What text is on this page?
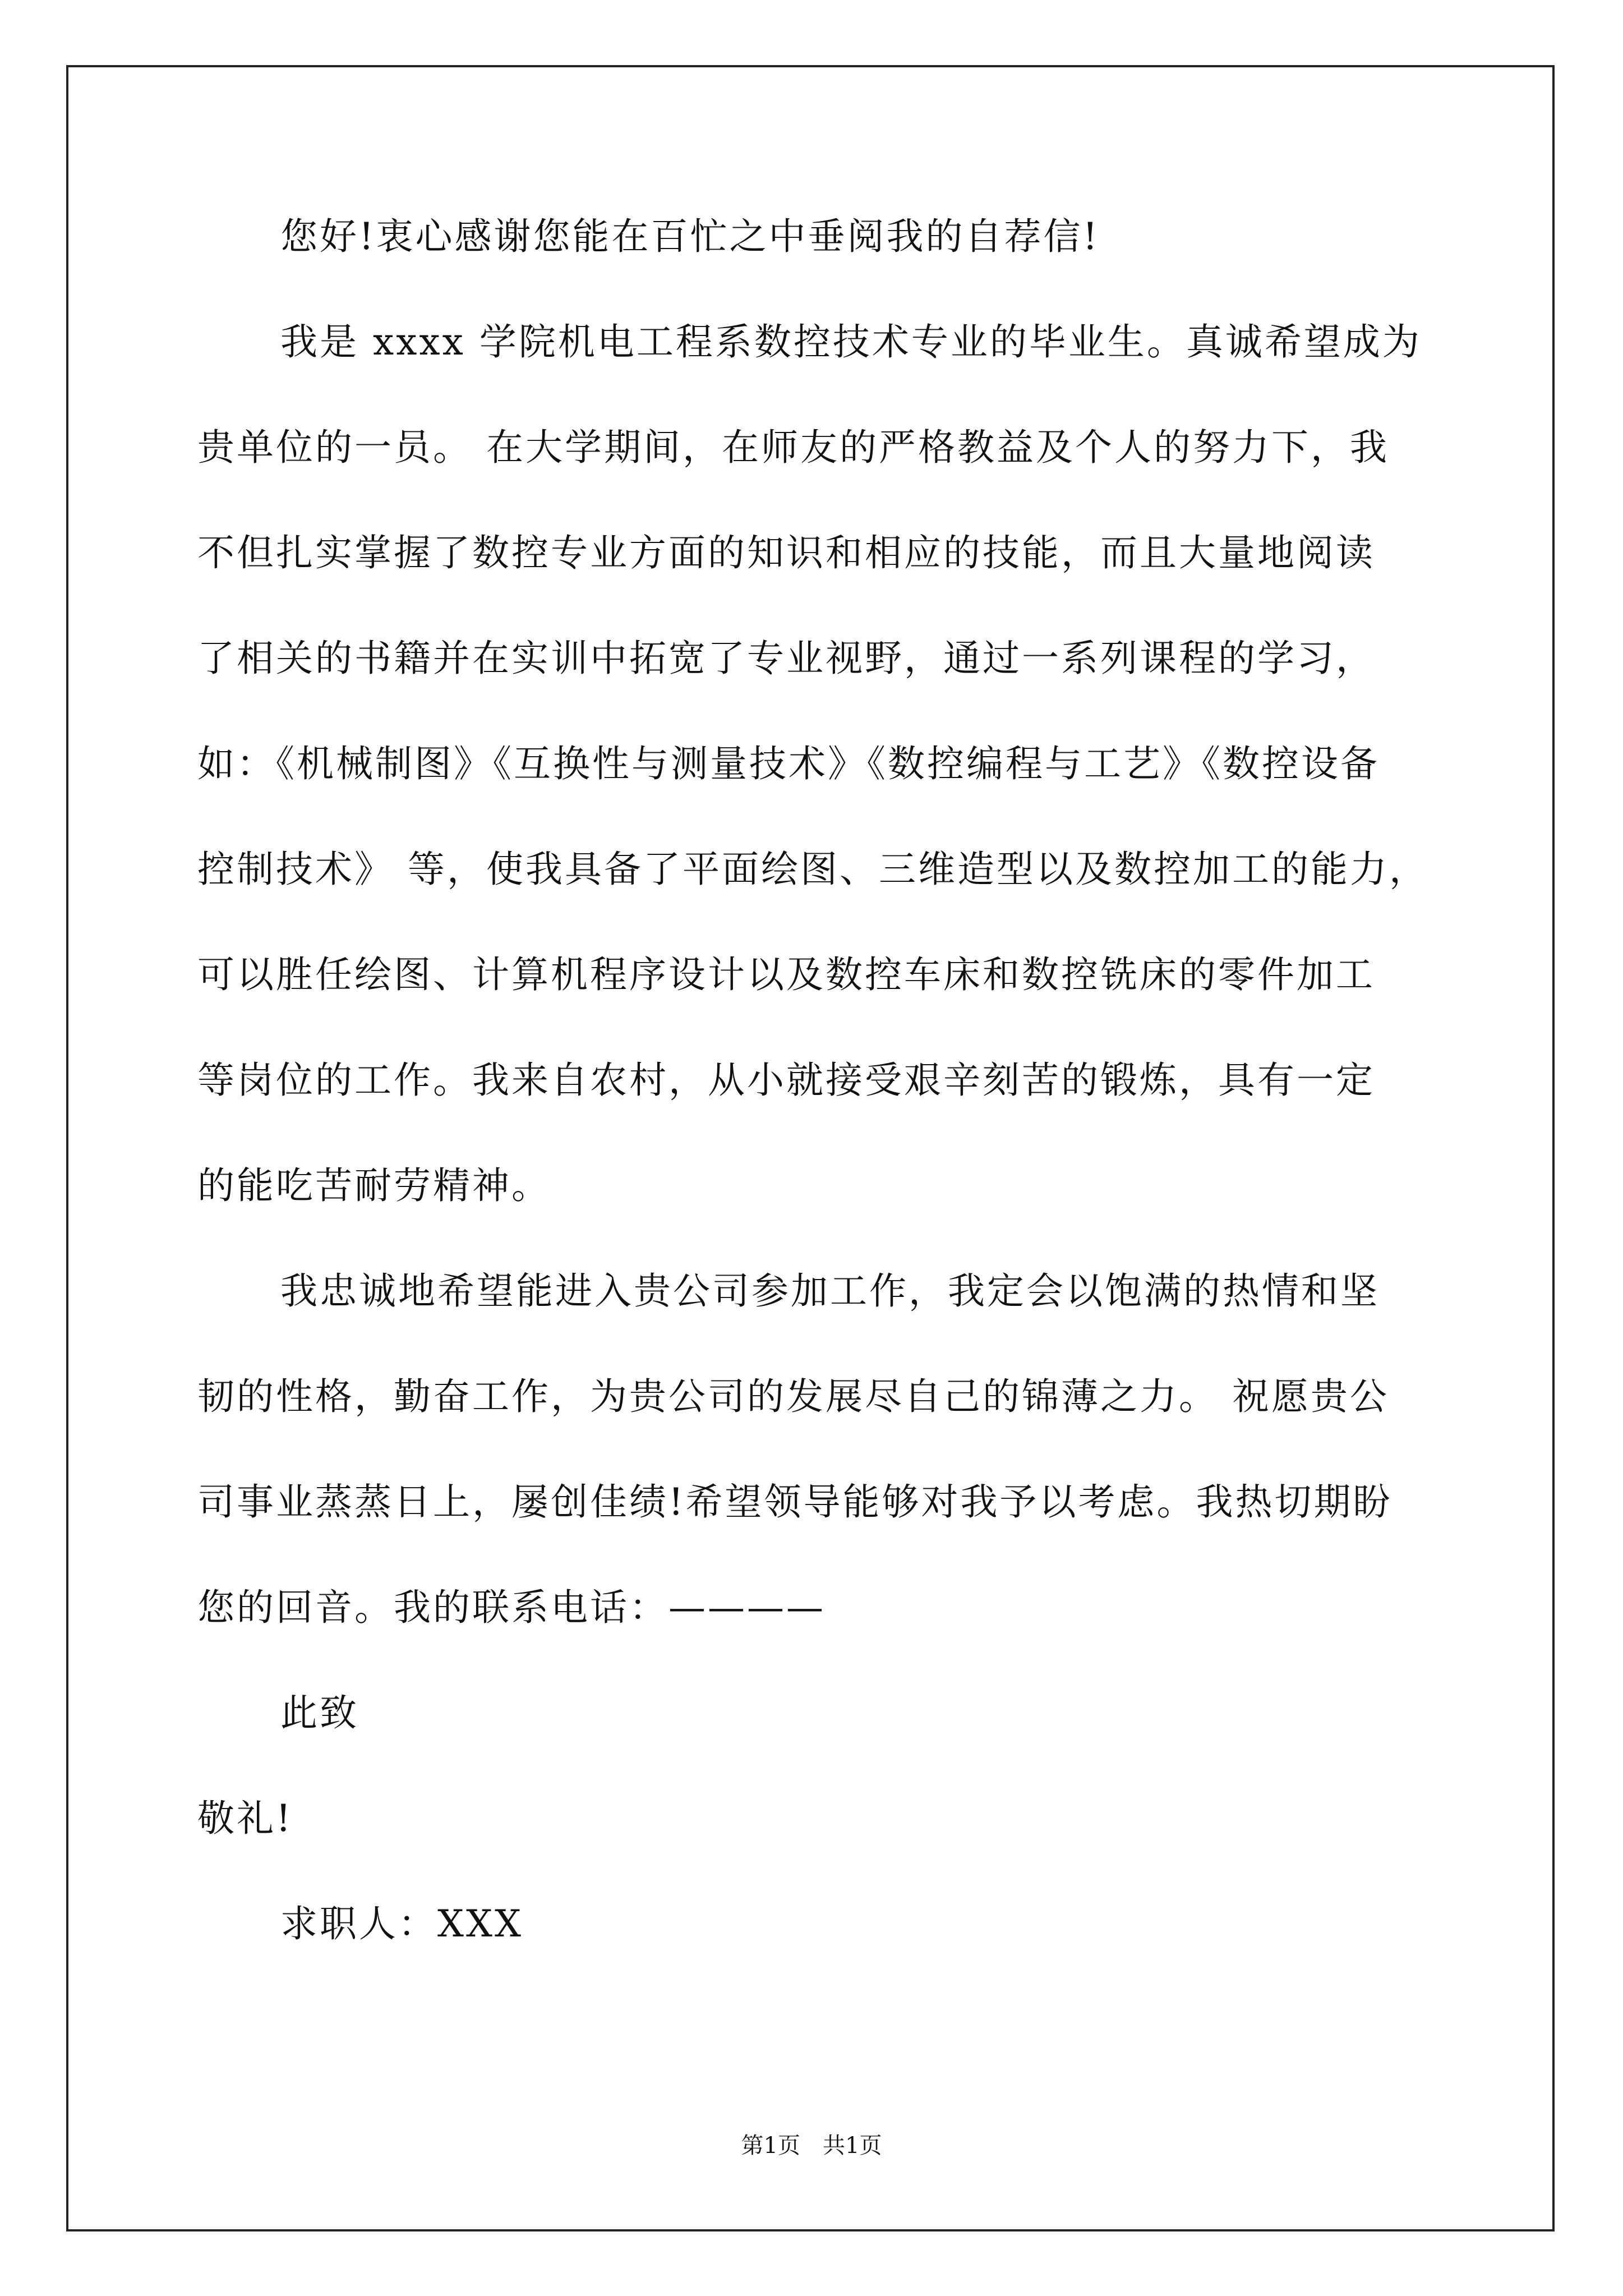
您好!衷心感谢您能在百忙之中垂阅我的自荐信!
我是 xxxx 学院机电工程系数控技术专业的毕业生。真诚希望成为
贵单位的一员。 在大学期间，在师友的严格教益及个人的努力下，我
不但扎实掌握了数控专业方面的知识和相应的技能，而且大量地阅读
了相关的书籍并在实训中拓宽了专业视野，通过一系列课程的学习，
如：《机械制图》《互换性与测量技术》《数控编程与工艺》《数控设备
控制技术》 等，使我具备了平面绘图、三维造型以及数控加工的能力，
可以胜任绘图、计算机程序设计以及数控车床和数控铣床的零件加工
等岗位的工作。我来自农村，从小就接受艰辛刻苦的锻炼，具有一定
的能吃苦耐劳精神。
我忠诚地希望能进入贵公司参加工作，我定会以饱满的热情和坚
韧的性格，勤奋工作，为贵公司的发展尽自己的锦薄之力。 祝愿贵公
司事业蒸蒸日上，屡创佳绩!希望领导能够对我予以考虑。我热切期盼
您的回音。我的联系电话：————
此致
敬礼!
求职人：XXX
第1页 共1页
